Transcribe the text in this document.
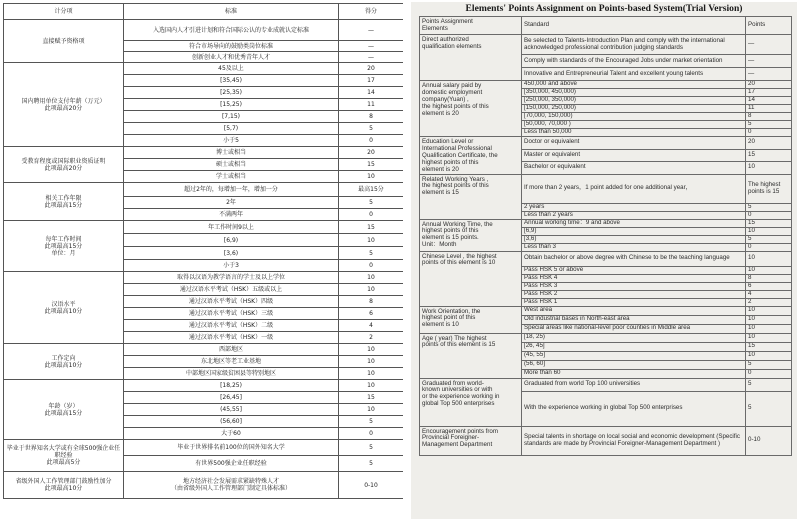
计分项	标准	得分
直接赋予资格项	入选国内人才引进计划和符合国际公认的专业成就认定标准	—
	符合市场导向的鼓励类岗位标准	—
	创新创业人才和优秀青年人才	—
国内聘用单位支付年薪（万元）
此项最高20分	45及以上	20
	[35,45)	17
	[25,35)	14
	[15,25)	11
	[7,15)	8
	[5,7)	5
	小于5	0
受教育程度或国际职业资质证明
此项最高20分	博士或相当	20
	硕士或相当	15
	学士或相当	10
相关工作年限
此项最高15分	超过2年的，每增加一年，增加一分	最高15分
	2年	5
	不满两年	0
每年工作时间
此项最高15分
单位：月	年工作时间9以上	15
	[6,9)	10
	[3,6)	5
	小于3	0
汉语水平
此项最高10分	取得以汉语为教学语言的学士及以上学位	10
	通过汉语水平考试（HSK）五级或以上	10
	通过汉语水平考试（HSK）四级	8
	通过汉语水平考试（HSK）三级	6
	通过汉语水平考试（HSK）二级	4
	通过汉语水平考试（HSK）一级	2
工作定向
此项最高10分	西部地区	10
	东北地区等老工业基地	10
	中部地区国家级贫困县等特别地区	10
年龄（岁）
此项最高15分	[18,25)	10
	[26,45]	15
	(45,55]	10
	(56,60]	5
	大于60	0
毕业于世界知名大学或有全球500强企业任职经验
此项最高5分	毕业于世界排名前100位的国外知名大学	5
	有世界500强企业任职经验	5
省级外国人工作管理部门鼓励性加分
此项最高10分	地方经济社会发展需求紧缺特殊人才
（由省级外国人工作管理部门制定具体标准）	0-10
Elements' Points Assignment on Points-based System(Trial Version)
Points Assignment
Elements	Standard	Points
Direct authorized
qualification elements	Be selected to Talents-Introduction Plan and comply with the international acknowledged professional contribution judging standards	—
	Comply with standards of the Encouraged Jobs under market orientation	—
	Innovative and Entrepreneurial Talent and excellent young talents	—
Annual salary paid by
domestic employment
company(Yuan) ,
the highest points of this
element is 20	450,000 and above	20
	[350,000, 450,000)	17
	[250,000, 350,000)	14
	[150,000, 250,000)	11
	[70,000, 150,000)	8
	[50,000, 70,000 )	5
	Less than 50,000	0
Education Level or
International Professional
Qualification Certificate, the
highest points of this
element is 20	Doctor or equivalent	20
	Master or equivalent	15
	Bachelor or equivalent	10
Related Working Years ,
the highest points of this
element is 15	If more than 2 years，1 point added for one additional year，	The highest points is 15
	2 years	5
	Less than 2 years	0
Annual Working Time, the
highest points of this
element is 15 points.
Unit：Month	Annual working time：9 and above	15
	[6,9)	10
	[3,6)	5
	Less than 3	0
Chinese Level , the highest
points of this element is 10	Obtain bachelor or above degree with Chinese to be the teaching language	10
	Pass HSK 5 or above	10
	Pass HSK 4	8
	Pass HSK 3	6
	Pass HSK 2	4
	Pass HSK 1	2
Work Orientation, the
highest point of this
element is 10	West area	10
	Old industrial bases in North-east area	10
	Special areas like national-level poor counties in Middle area	10
Age ( year) The highest
points of this element is 15	[18, 25)	10
	[26, 45]	15
	(45, 55]	10
	(56, 60]	5
	More than 60	0
Graduated from world-
known universities or with
or the experience working in
global Top 500 enterprises	Graduated from world Top 100 universities	5
	With the experience working in global Top 500 enterprises	5
Encouragement points from
Provincial Foreigner-
Management Department	Special talents in shortage on local social and economic development (Specific standards are made by Provincial Foreigner-Management Department )	0-10
